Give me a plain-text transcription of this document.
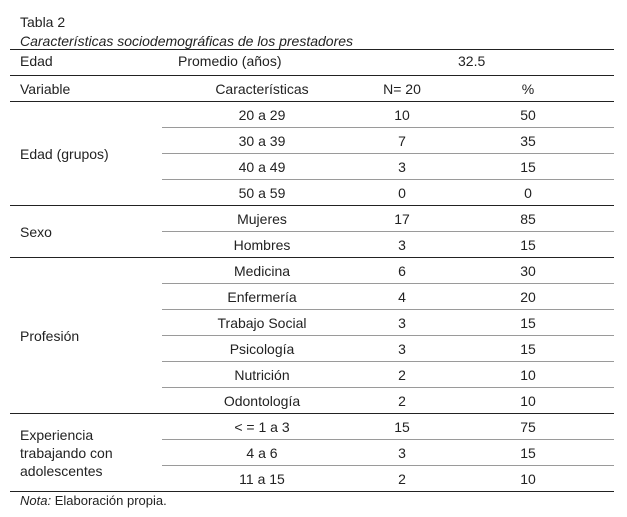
Tabla 2
Características sociodemográficas de los prestadores
Edad	Promedio (años)		32.5
Variable	Características	N= 20	%
Edad (grupos)	20 a 29	10	50
	30 a 39	7	35
	40 a 49	3	15
	50 a 59	0	0
Sexo	Mujeres	17	85
	Hombres	3	15
Profesión	Medicina	6	30
	Enfermería	4	20
	Trabajo Social	3	15
	Psicología	3	15
	Nutrición	2	10
	Odontología	2	10
Experiencia trabajando con adolescentes	< = 1 a 3	15	75
	4 a 6	3	15
	11 a 15	2	10
Nota: Elaboración propia.
